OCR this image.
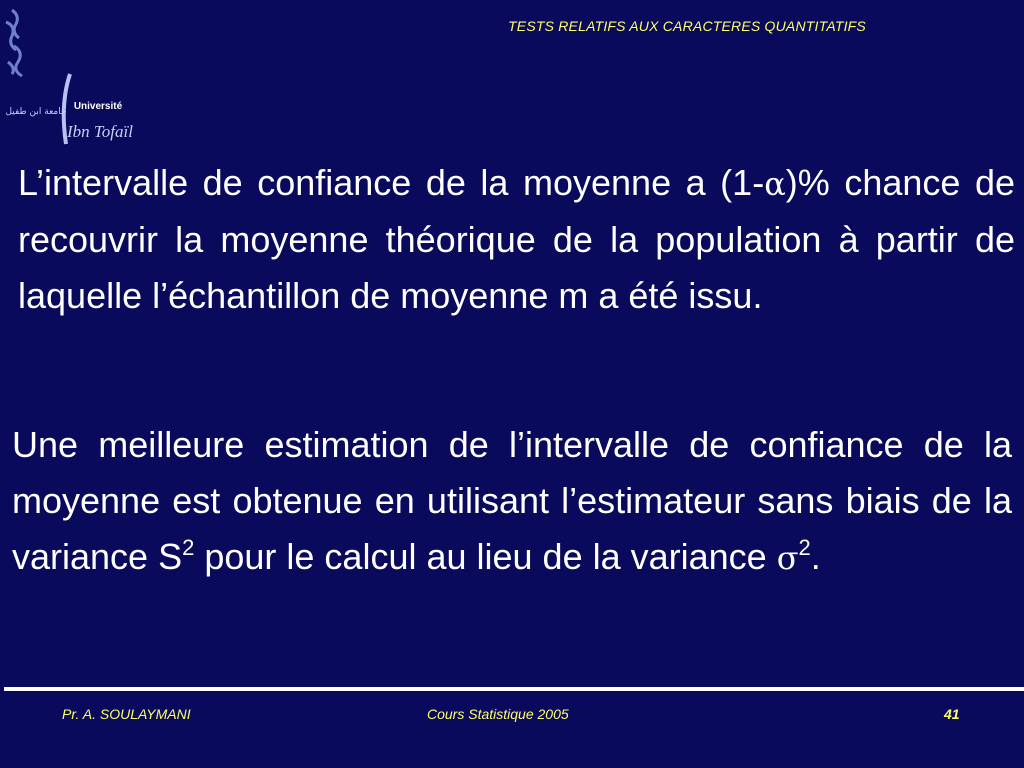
TESTS RELATIFS AUX CARACTERES QUANTITATIFS
Université
Ibn Tofaïl
جامعة ابن طفيل
L’intervalle de confiance de la moyenne a (1-α)% chance de recouvrir la moyenne théorique de la population à partir de laquelle l’échantillon de moyenne m a été issu.
Une meilleure estimation de l’intervalle de confiance de la moyenne est obtenue en utilisant l’estimateur sans biais de la variance $S^2$ pour le calcul au lieu de la variance $\sigma^2$.
Pr. A. SOULAYMANI	Cours Statistique 2005	41
